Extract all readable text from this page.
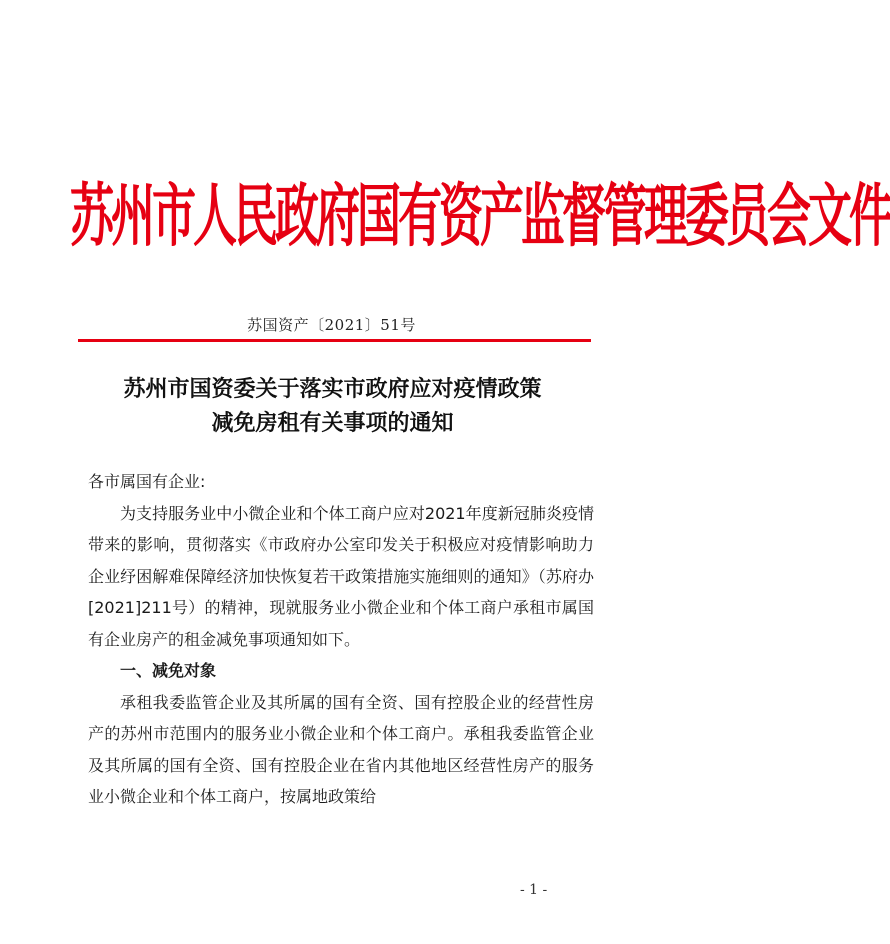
苏州市人民政府国有资产监督管理委员会文件
苏国资产〔2021〕51号
苏州市国资委关于落实市政府应对疫情政策
减免房租有关事项的通知

各市属国有企业:

为支持服务业中小微企业和个体工商户应对2021年度新冠肺炎疫情带来的影响，贯彻落实《市政府办公室印发关于积极应对疫情影响助力企业纾困解难保障经济加快恢复若干政策措施实施细则的通知》（苏府办[2021]211号）的精神，现就服务业小微企业和个体工商户承租市属国有企业房产的租金减免事项通知如下。

一、减免对象

承租我委监管企业及其所属的国有全资、国有控股企业的经营性房产的苏州市范围内的服务业小微企业和个体工商户。承租我委监管企业及其所属的国有全资、国有控股企业在省内其他地区经营性房产的服务业小微企业和个体工商户，按属地政策给

- 1 -
